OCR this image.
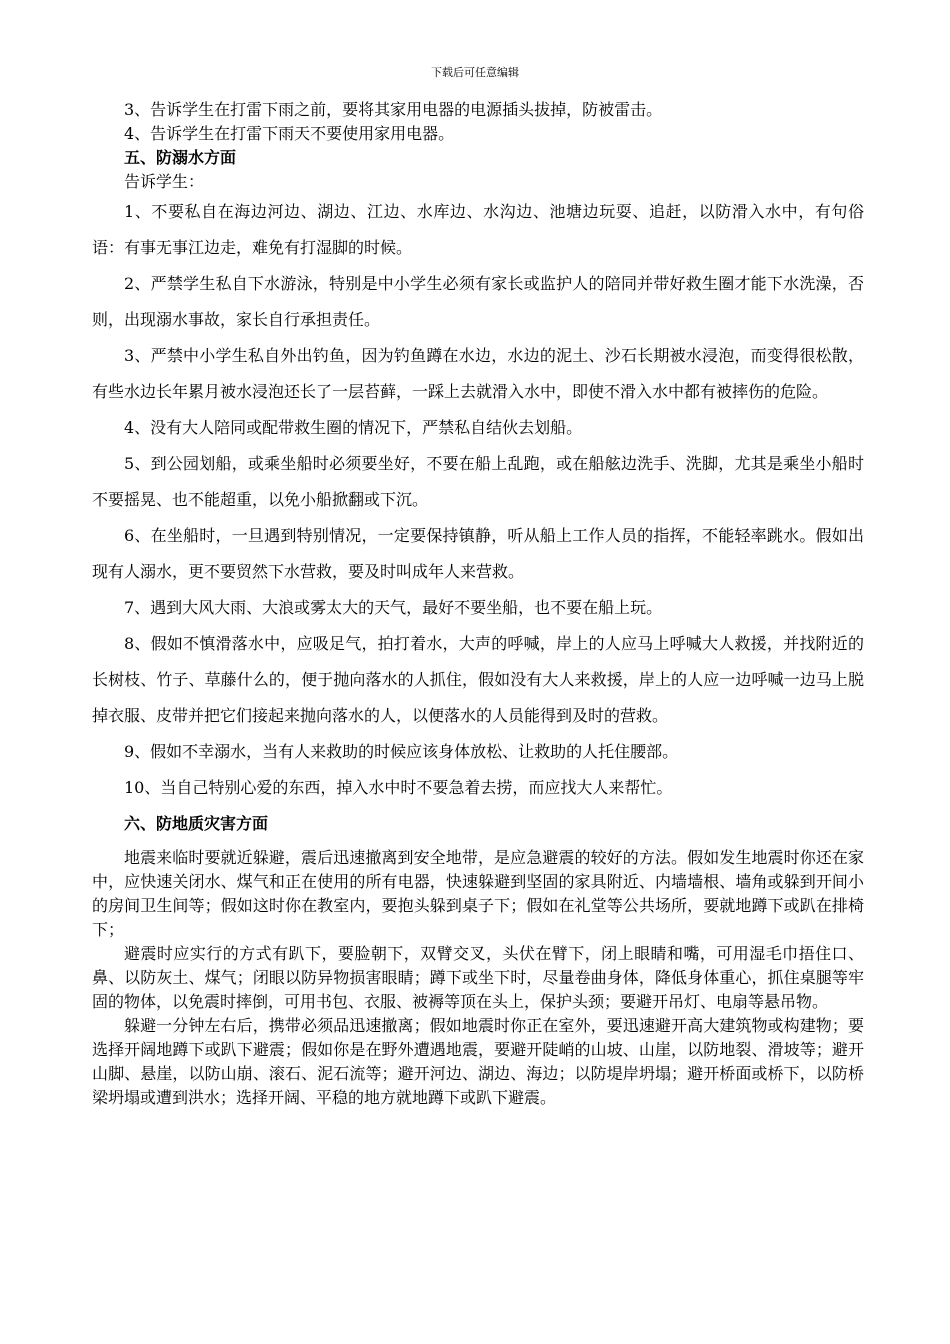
下载后可任意编辑

3、告诉学生在打雷下雨之前，要将其家用电器的电源插头拔掉，防被雷击。

4、告诉学生在打雷下雨天不要使用家用电器。

五、防溺水方面

告诉学生：

1、不要私自在海边河边、湖边、江边、水库边、水沟边、池塘边玩耍、追赶，以防滑入水中，有句俗语：有事无事江边走，难免有打湿脚的时候。

2、严禁学生私自下水游泳，特别是中小学生必须有家长或监护人的陪同并带好救生圈才能下水洗澡，否则，出现溺水事故，家长自行承担责任。

3、严禁中小学生私自外出钓鱼，因为钓鱼蹲在水边，水边的泥土、沙石长期被水浸泡，而变得很松散，有些水边长年累月被水浸泡还长了一层苔藓，一踩上去就滑入水中，即使不滑入水中都有被摔伤的危险。

4、没有大人陪同或配带救生圈的情况下，严禁私自结伙去划船。

5、到公园划船，或乘坐船时必须要坐好，不要在船上乱跑，或在船舷边洗手、洗脚，尤其是乘坐小船时不要摇晃、也不能超重，以免小船掀翻或下沉。

6、在坐船时，一旦遇到特别情况，一定要保持镇静，听从船上工作人员的指挥，不能轻率跳水。假如出现有人溺水，更不要贸然下水营救，要及时叫成年人来营救。

7、遇到大风大雨、大浪或雾太大的天气，最好不要坐船，也不要在船上玩。

8、假如不慎滑落水中，应吸足气，拍打着水，大声的呼喊，岸上的人应马上呼喊大人救援，并找附近的长树枝、竹子、草藤什么的，便于抛向落水的人抓住，假如没有大人来救援，岸上的人应一边呼喊一边马上脱掉衣服、皮带并把它们接起来抛向落水的人，以便落水的人员能得到及时的营救。

9、假如不幸溺水，当有人来救助的时候应该身体放松、让救助的人托住腰部。

10、当自己特别心爱的东西，掉入水中时不要急着去捞，而应找大人来帮忙。

六、防地质灾害方面

地震来临时要就近躲避，震后迅速撤离到安全地带，是应急避震的较好的方法。假如发生地震时你还在家中，应快速关闭水、煤气和正在使用的所有电器，快速躲避到坚固的家具附近、内墙墙根、墙角或躲到开间小的房间卫生间等；假如这时你在教室内，要抱头躲到桌子下；假如在礼堂等公共场所，要就地蹲下或趴在排椅下；

避震时应实行的方式有趴下，要脸朝下，双臂交叉，头伏在臂下，闭上眼睛和嘴，可用湿毛巾捂住口、鼻、以防灰土、煤气；闭眼以防异物损害眼睛；蹲下或坐下时，尽量卷曲身体，降低身体重心，抓住桌腿等牢固的物体，以免震时摔倒，可用书包、衣服、被褥等顶在头上，保护头颈；要避开吊灯、电扇等悬吊物。

躲避一分钟左右后，携带必须品迅速撤离；假如地震时你正在室外，要迅速避开高大建筑物或构建物；要选择开阔地蹲下或趴下避震；假如你是在野外遭遇地震，要避开陡峭的山坡、山崖，以防地裂、滑坡等；避开山脚、悬崖，以防山崩、滚石、泥石流等；避开河边、湖边、海边；以防堤岸坍塌；避开桥面或桥下，以防桥梁坍塌或遭到洪水；选择开阔、平稳的地方就地蹲下或趴下避震。
